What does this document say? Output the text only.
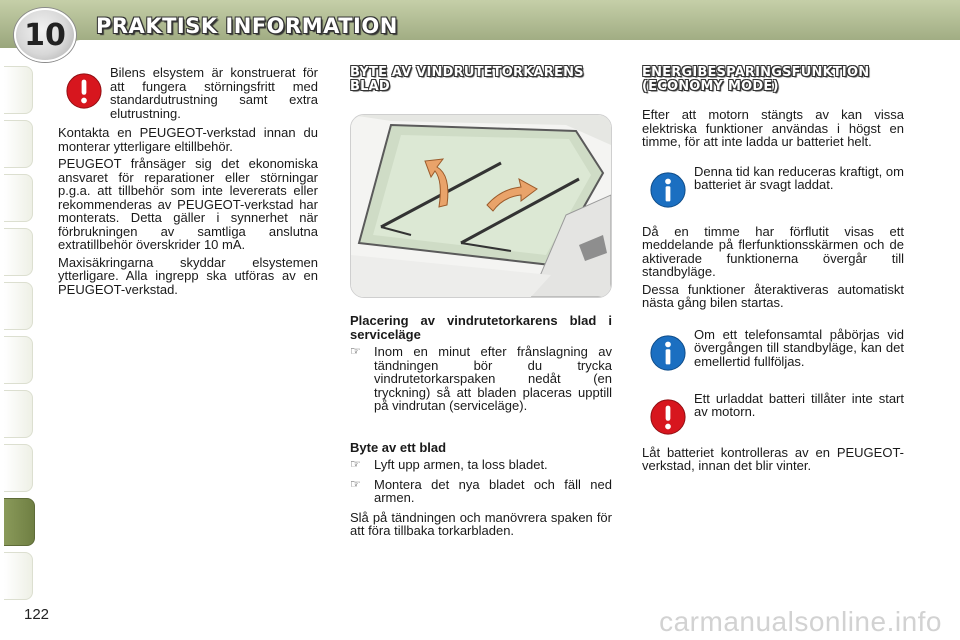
10	PRAKTISK INFORMATION

Bilens elsystem är konstruerat för att fungera störningsfritt med standardutrustning samt extra elutrustning.

Kontakta en PEUGEOT-verkstad innan du monterar ytterligare eltillbehör.

PEUGEOT frånsäger sig det ekonomiska ansvaret för reparationer eller störningar p.g.a. att tillbehör som inte levererats eller rekommenderas av PEUGEOT-verkstad har monterats. Detta gäller i synnerhet när förbrukningen av samtliga anslutna extratillbehör överskrider 10 mA.

Maxisäkringarna skyddar elsystemen ytterligare. Alla ingrepp ska utföras av en PEUGEOT-verkstad.

BYTE AV VINDRUTETORKARENS BLAD

Placering av vindrutetorkarens blad i serviceläge

☞	Inom en minut efter frånslagning av tändningen bör du trycka vindrutetorkarspaken nedåt (en tryckning) så att bladen placeras upptill på vindrutan (serviceläge).

Byte av ett blad

☞	Lyft upp armen, ta loss bladet.

☞	Montera det nya bladet och fäll ned armen.

Slå på tändningen och manövrera spaken för att föra tillbaka torkarbladen.

ENERGIBESPARINGSFUNKTION (ECONOMY MODE)

Efter att motorn stängts av kan vissa elektriska funktioner användas i högst en timme, för att inte ladda ur batteriet helt.

Denna tid kan reduceras kraftigt, om batteriet är svagt laddat.

Då en timme har förflutit visas ett meddelande på flerfunktionsskärmen och de aktiverade funktionerna övergår till standbyläge.

Dessa funktioner återaktiveras automatiskt nästa gång bilen startas.

Om ett telefonsamtal påbörjas vid övergången till standbyläge, kan det emellertid fullföljas.

Ett urladdat batteri tillåter inte start av motorn.

Låt batteriet kontrolleras av en PEUGEOT-verkstad, innan det blir vinter.

122	carmanualsonline.info
